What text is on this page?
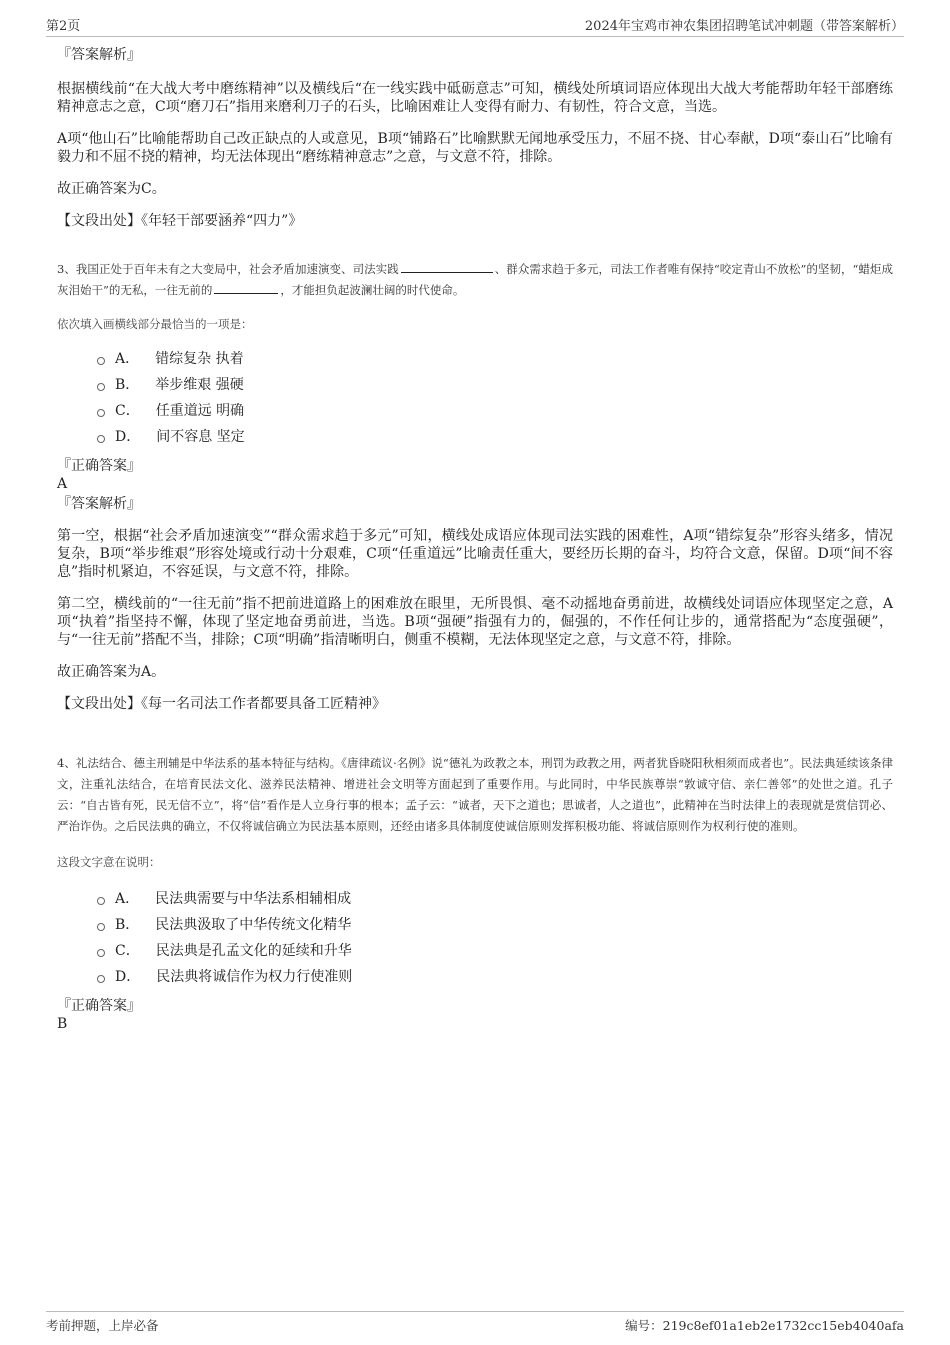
第2页	2024年宝鸡市神农集团招聘笔试冲刺题（带答案解析）

『答案解析』

根据横线前“在大战大考中磨练精神”以及横线后“在一线实践中砥砺意志”可知，横线处所填词语应体现出大战大考能帮助年轻干部磨练精神意志之意，C项“磨刀石”指用来磨利刀子的石头，比喻困难让人变得有耐力、有韧性，符合文意，当选。

A项“他山石”比喻能帮助自己改正缺点的人或意见，B项“铺路石”比喻默默无闻地承受压力，不屈不挠、甘心奉献，D项“泰山石”比喻有毅力和不屈不挠的精神，均无法体现出“磨练精神意志”之意，与文意不符，排除。

故正确答案为C。

【文段出处】《年轻干部要涵养“四力”》

3、我国正处于百年未有之大变局中，社会矛盾加速演变、司法实践	、群众需求趋于多元，司法工作者唯有保持“咬定青山不放松”的坚韧，“蜡炬成灰泪始干”的无私，一往无前的	，才能担负起波澜壮阔的时代使命。

依次填入画横线部分最恰当的一项是：

A． 错综复杂 执着
B． 举步维艰 强硬
C． 任重道远 明确
D． 间不容息 坚定

『正确答案』

A

『答案解析』

第一空，根据“社会矛盾加速演变”“群众需求趋于多元”可知，横线处成语应体现司法实践的困难性，A项“错综复杂”形容头绪多，情况复杂，B项“举步维艰”形容处境或行动十分艰难，C项“任重道远”比喻责任重大，要经历长期的奋斗，均符合文意，保留。D项“间不容息”指时机紧迫，不容延误，与文意不符，排除。

第二空，横线前的“一往无前”指不把前进道路上的困难放在眼里，无所畏惧、毫不动摇地奋勇前进，故横线处词语应体现坚定之意，A项“执着”指坚持不懈，体现了坚定地奋勇前进，当选。B项“强硬”指强有力的，倔强的，不作任何让步的，通常搭配为“态度强硬”，与“一往无前”搭配不当，排除；C项“明确”指清晰明白，侧重不模糊，无法体现坚定之意，与文意不符，排除。

故正确答案为A。

【文段出处】《每一名司法工作者都要具备工匠精神》

4、礼法结合、德主刑辅是中华法系的基本特征与结构。《唐律疏议·名例》说“德礼为政教之本，刑罚为政教之用，两者犹昏晓阳秋相须而成者也”。民法典延续该条律文，注重礼法结合，在培育民法文化、滋养民法精神、增进社会文明等方面起到了重要作用。与此同时，中华民族尊崇“敦诚守信、亲仁善邻”的处世之道。孔子云：“自古皆有死，民无信不立”，将“信”看作是人立身行事的根本；孟子云：“诚者，天下之道也；思诚者，人之道也”，此精神在当时法律上的表现就是赏信罚必、严治诈伪。之后民法典的确立，不仅将诚信确立为民法基本原则，还经由诸多具体制度使诚信原则发挥积极功能、将诚信原则作为权利行使的准则。

这段文字意在说明：

A． 民法典需要与中华法系相辅相成
B． 民法典汲取了中华传统文化精华
C． 民法典是孔孟文化的延续和升华
D． 民法典将诚信作为权力行使准则

『正确答案』

B

考前押题，上岸必备	编号：219c8ef01a1eb2e1732cc15eb4040afa
